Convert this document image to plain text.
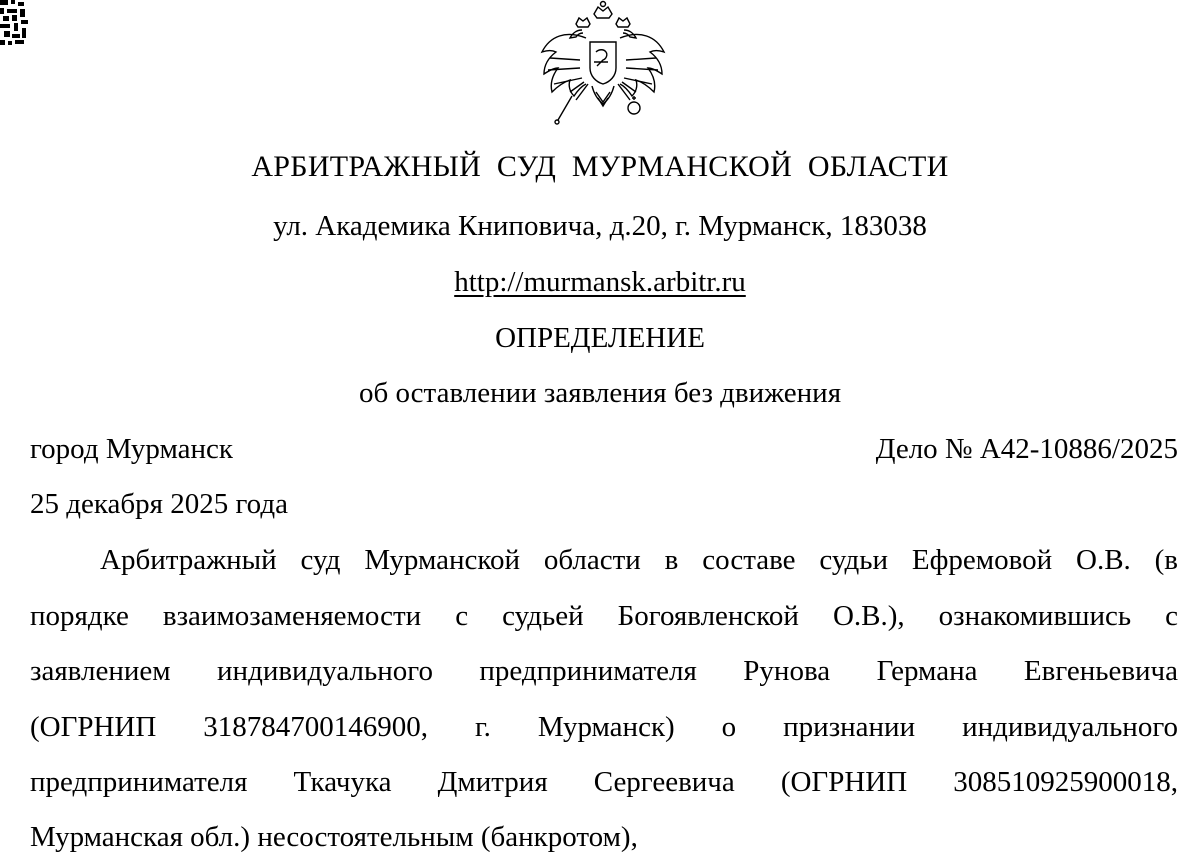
АРБИТРАЖНЫЙ СУД МУРМАНСКОЙ ОБЛАСТИ
ул. Академика Книповича, д.20, г. Мурманск, 183038
http://murmansk.arbitr.ru
ОПРЕДЕЛЕНИЕ
об оставлении заявления без движения
город Мурманск	Дело № А42-10886/2025
25 декабря 2025 года
Арбитражный суд Мурманской области в составе судьи Ефремовой О.В. (в
порядке взаимозаменяемости с судьей Богоявленской О.В.), ознакомившись с
заявлением индивидуального предпринимателя Рунова Германа Евгеньевича
(ОГРНИП 318784700146900, г. Мурманск) о признании индивидуального
предпринимателя Ткачука Дмитрия Сергеевича (ОГРНИП 308510925900018,
Мурманская обл.) несостоятельным (банкротом),
